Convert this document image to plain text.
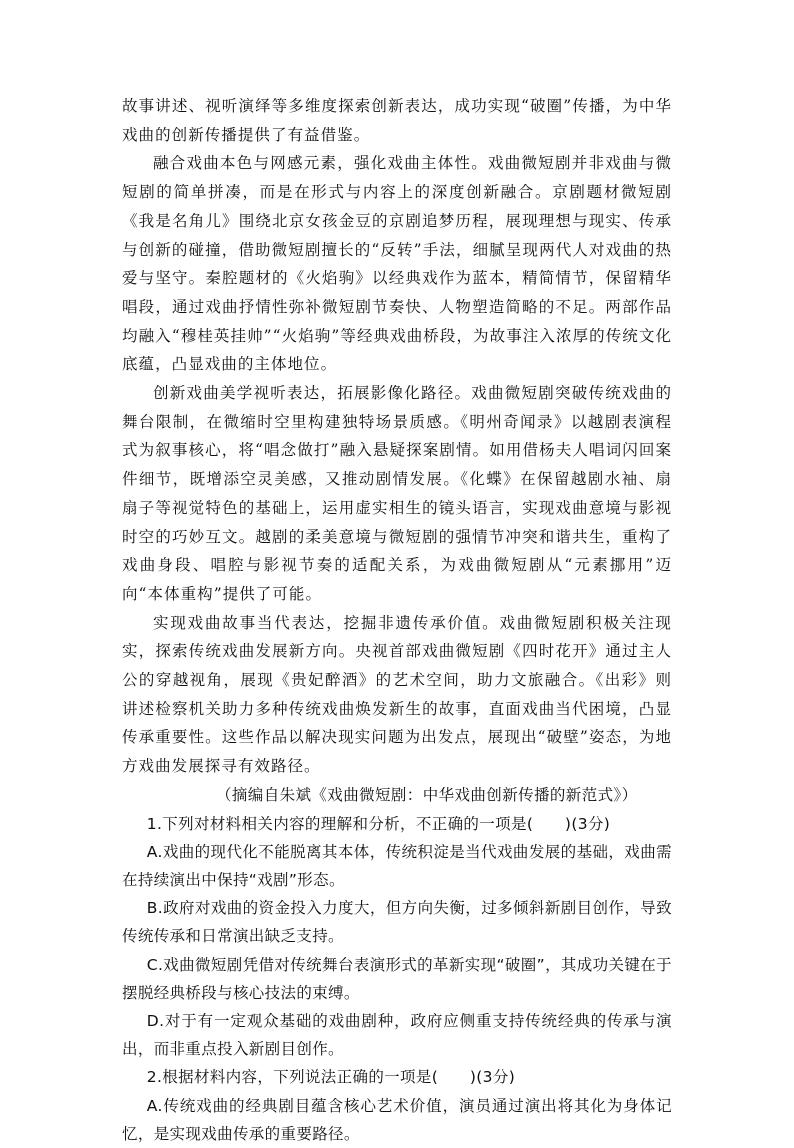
故事讲述、视听演绎等多维度探索创新表达，成功实现“破圈”传播，为中华戏曲的创新传播提供了有益借鉴。

融合戏曲本色与网感元素，强化戏曲主体性。戏曲微短剧并非戏曲与微短剧的简单拼凑，而是在形式与内容上的深度创新融合。京剧题材微短剧《我是名角儿》围绕北京女孩金豆的京剧追梦历程，展现理想与现实、传承与创新的碰撞，借助微短剧擅长的“反转”手法，细腻呈现两代人对戏曲的热爱与坚守。秦腔题材的《火焰驹》以经典戏作为蓝本，精简情节，保留精华唱段，通过戏曲抒情性弥补微短剧节奏快、人物塑造简略的不足。两部作品均融入“穆桂英挂帅”“火焰驹”等经典戏曲桥段，为故事注入浓厚的传统文化底蕴，凸显戏曲的主体地位。

创新戏曲美学视听表达，拓展影像化路径。戏曲微短剧突破传统戏曲的舞台限制，在微缩时空里构建独特场景质感。《明州奇闻录》以越剧表演程式为叙事核心，将“唱念做打”融入悬疑探案剧情。如用借杨夫人唱词闪回案件细节，既增添空灵美感，又推动剧情发展。《化蝶》在保留越剧水袖、扇扇子等视觉特色的基础上，运用虚实相生的镜头语言，实现戏曲意境与影视时空的巧妙互文。越剧的柔美意境与微短剧的强情节冲突和谐共生，重构了戏曲身段、唱腔与影视节奏的适配关系，为戏曲微短剧从“元素挪用”迈向“本体重构”提供了可能。

实现戏曲故事当代表达，挖掘非遗传承价值。戏曲微短剧积极关注现实，探索传统戏曲发展新方向。央视首部戏曲微短剧《四时花开》通过主人公的穿越视角，展现《贵妃醉酒》的艺术空间，助力文旅融合。《出彩》则讲述检察机关助力多种传统戏曲焕发新生的故事，直面戏曲当代困境，凸显传承重要性。这些作品以解决现实问题为出发点，展现出“破壁”姿态，为地方戏曲发展探寻有效路径。

（摘编自朱斌《戏曲微短剧：中华戏曲创新传播的新范式》）

1.下列对材料相关内容的理解和分析，不正确的一项是(　　)(3分)

A.戏曲的现代化不能脱离其本体，传统积淀是当代戏曲发展的基础，戏曲需在持续演出中保持“戏剧”形态。

B.政府对戏曲的资金投入力度大，但方向失衡，过多倾斜新剧目创作，导致传统传承和日常演出缺乏支持。

C.戏曲微短剧凭借对传统舞台表演形式的革新实现“破圈”，其成功关键在于摆脱经典桥段与核心技法的束缚。

D.对于有一定观众基础的戏曲剧种，政府应侧重支持传统经典的传承与演出，而非重点投入新剧目创作。

2.根据材料内容，下列说法正确的一项是(　　)(3分)

A.传统戏曲的经典剧目蕴含核心艺术价值，演员通过演出将其化为身体记忆，是实现戏曲传承的重要路径。
